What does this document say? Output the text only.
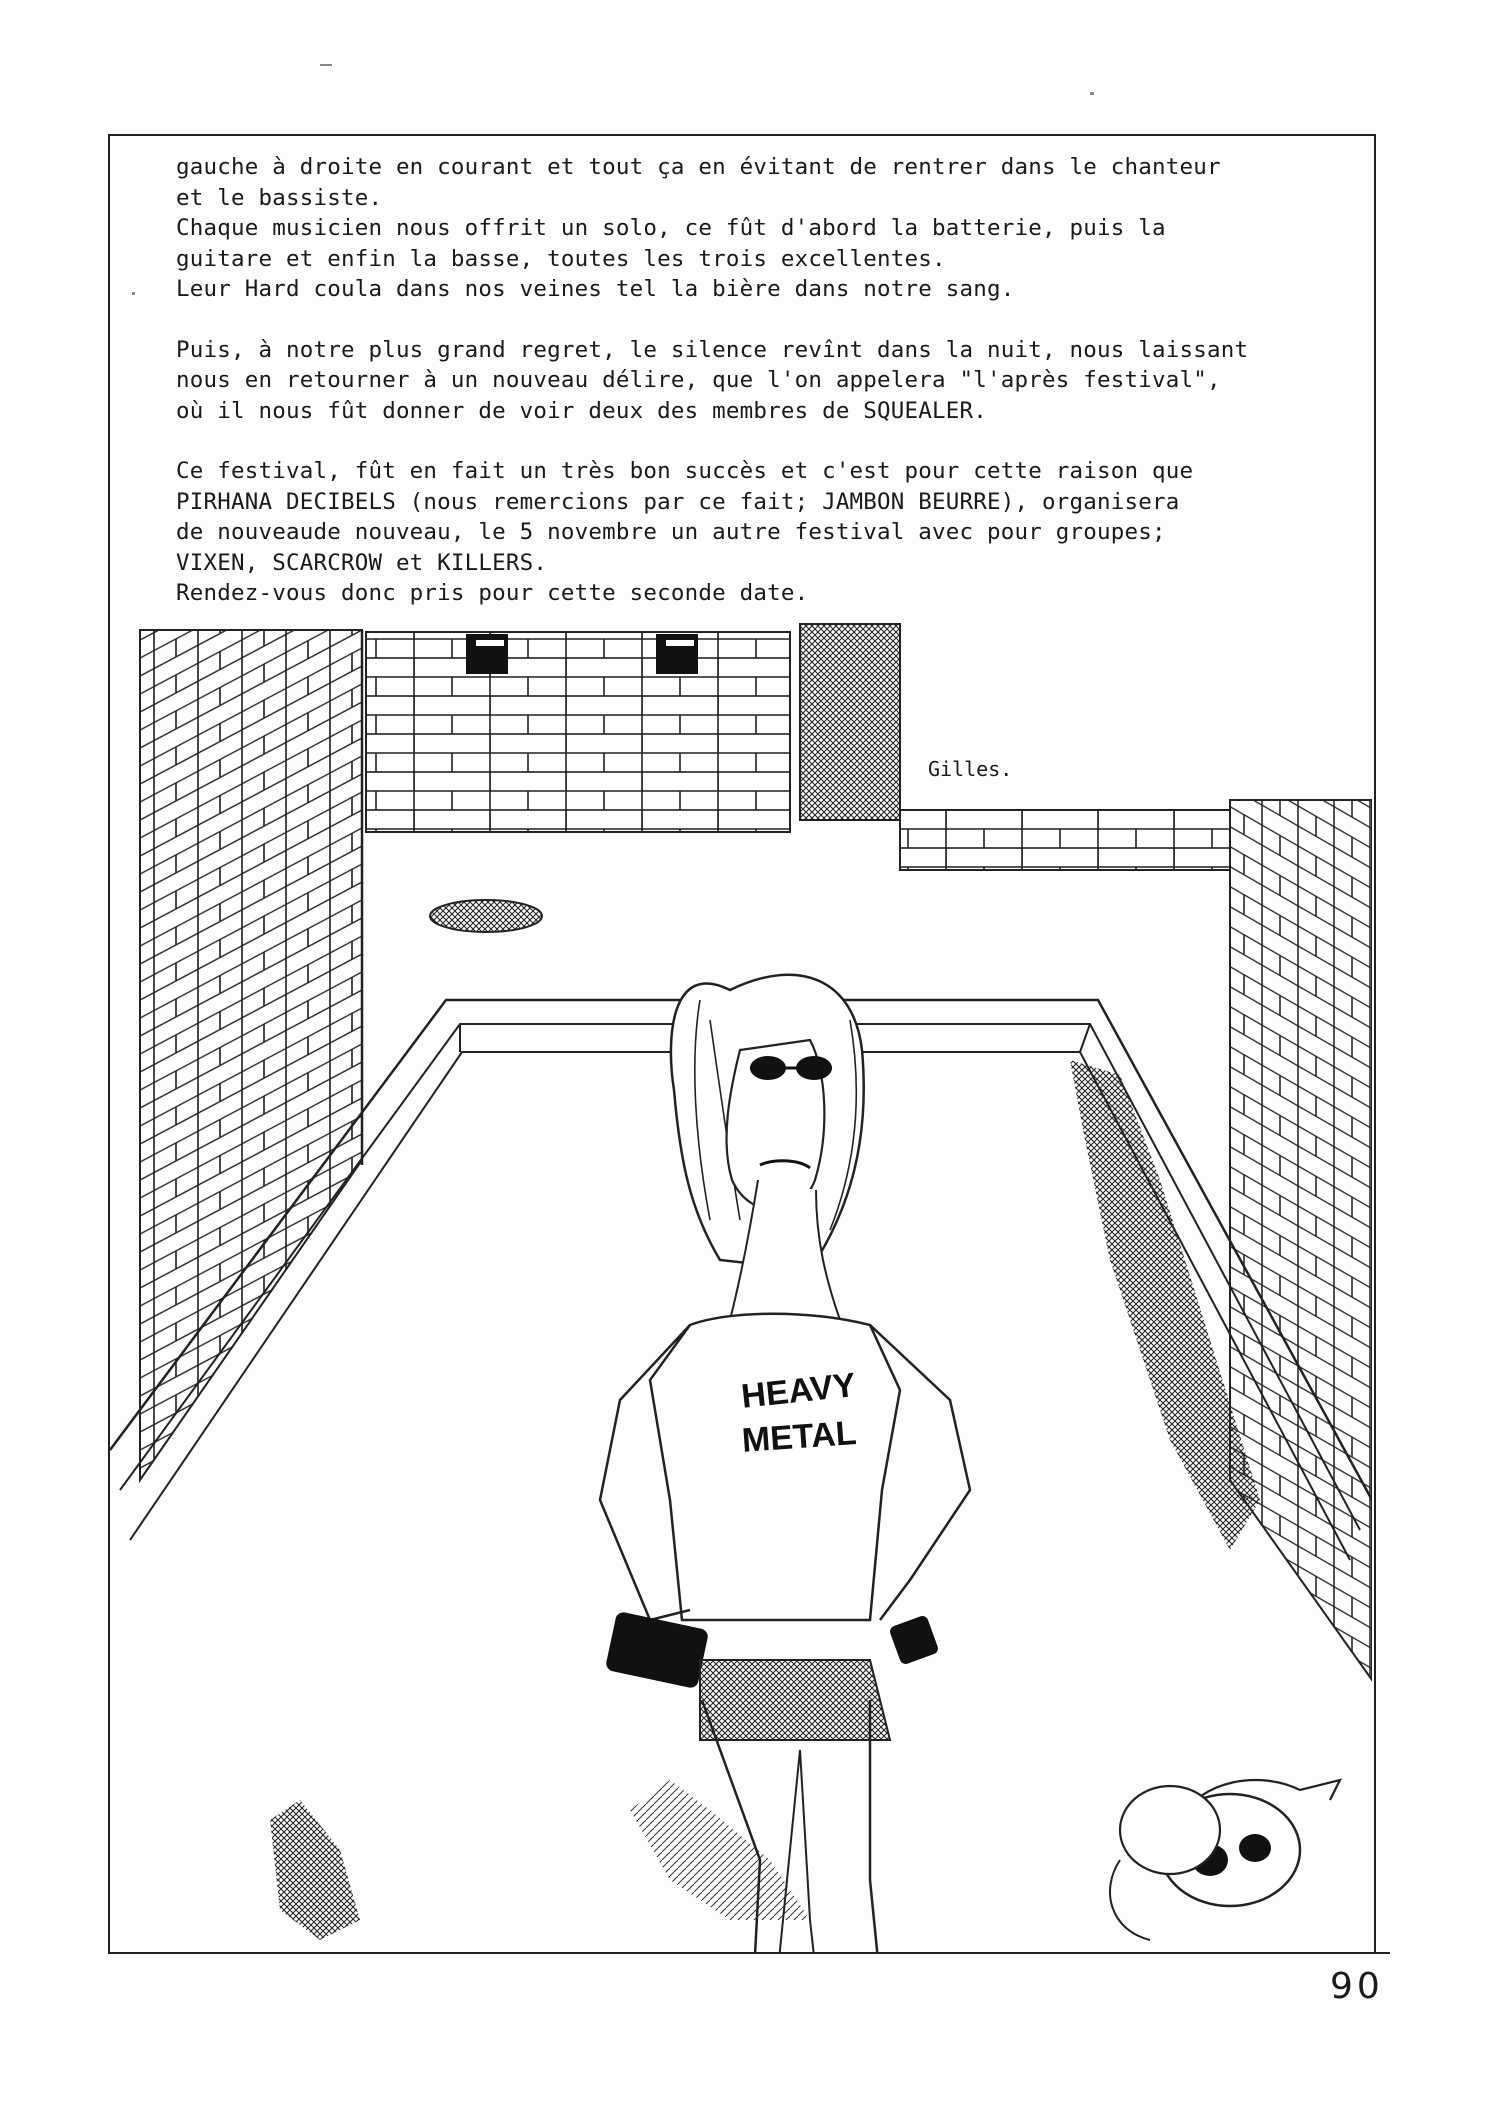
gauche à droite en courant et tout ça en évitant de rentrer dans le chanteur
et le bassiste.
Chaque musicien nous offrit un solo, ce fût d'abord la batterie, puis la
guitare et enfin la basse, toutes les trois excellentes.
Leur Hard coula dans nos veines tel la bière dans notre sang.

Puis, à notre plus grand regret, le silence revînt dans la nuit, nous laissant
nous en retourner à un nouveau délire, que l'on appelera "l'après festival",
où il nous fût donner de voir deux des membres de SQUEALER.

Ce festival, fût en fait un très bon succès et c'est pour cette raison que
PIRHANA DECIBELS (nous remercions par ce fait; JAMBON BEURRE), organisera
de nouveaude nouveau, le 5 novembre un autre festival avec pour groupes;
VIXEN, SCARCROW et KILLERS.
Rendez-vous donc pris pour cette seconde date.

HEAVY
METAL
Gilles.
90
